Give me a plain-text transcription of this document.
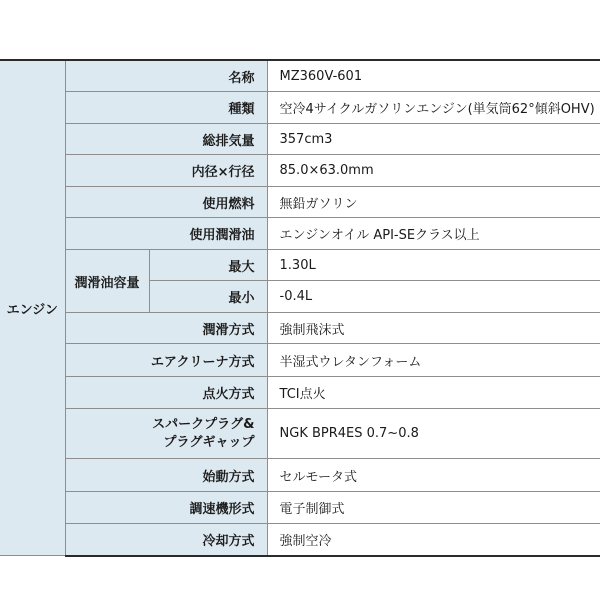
エンジン	名称		MZ360V-601
	種類		空冷4サイクルガソリンエンジン(単気筒62°傾斜OHV)
	総排気量		357cm3
	内径×行径		85.0×63.0mm
	使用燃料		無鉛ガソリン
	使用潤滑油		エンジンオイル API-SEクラス以上
	潤滑油容量	最大	1.30L
		最小	-0.4L
	潤滑方式		強制飛沫式
	エアクリーナ方式		半湿式ウレタンフォーム
	点火方式		TCI点火

	スパークプラグ&
プラグギャップ		NGK BPR4ES 0.7~0.8
	始動方式		セルモータ式
	調速機形式		電子制御式
	冷却方式		強制空冷
